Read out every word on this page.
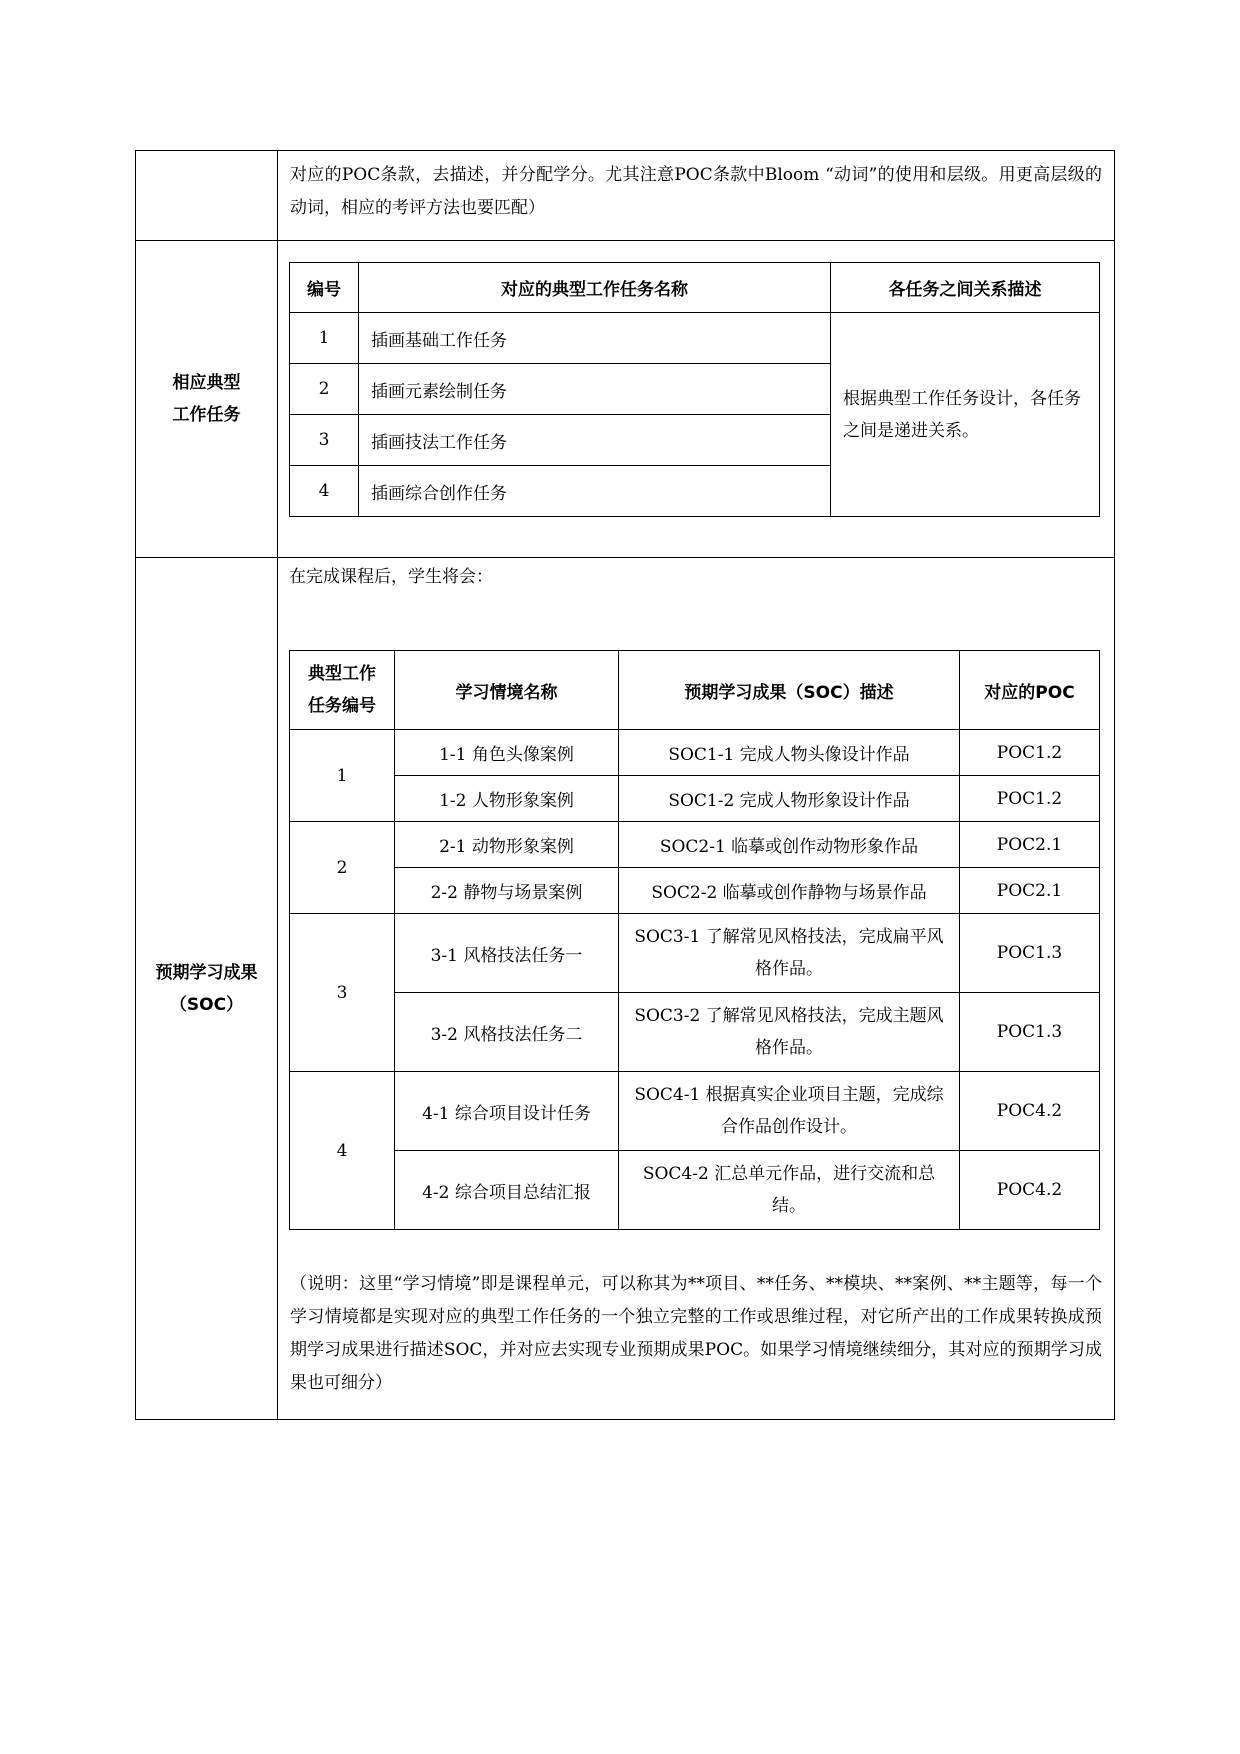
对应的POC条款，去描述，并分配学分。尤其注意POC条款中Bloom “动词”的使用和层级。用更高层级的动词，相应的考评方法也要匹配）

相应典型
工作任务

编号	对应的典型工作任务名称	各任务之间关系描述
1	插画基础工作任务	根据典型工作任务设计，各任务之间是递进关系。
2	插画元素绘制任务
3	插画技法工作任务
4	插画综合创作任务

预期学习成果
（SOC）

在完成课程后，学生将会：
典型工作
任务编号
	学习情境名称	预期学习成果（SOC）描述	对应的POC
1	1-1 角色头像案例	SOC1-1 完成人物头像设计作品	POC1.2
1-2 人物形象案例	SOC1-2 完成人物形象设计作品	POC1.2
2	2-1 动物形象案例	SOC2-1 临摹或创作动物形象作品	POC2.1
2-2 静物与场景案例	SOC2-2 临摹或创作静物与场景作品	POC2.1
3	3-1 风格技法任务一	SOC3-1 了解常见风格技法，完成扁平风格作品。	POC1.3
3-2 风格技法任务二	SOC3-2 了解常见风格技法，完成主题风格作品。	POC1.3
4	4-1 综合项目设计任务	SOC4-1 根据真实企业项目主题，完成综合作品创作设计。	POC4.2
4-2 综合项目总结汇报	SOC4-2 汇总单元作品，进行交流和总结。	POC4.2
（说明：这里“学习情境”即是课程单元，可以称其为**项目、**任务、**模块、**案例、**主题等，每一个学习情境都是实现对应的典型工作任务的一个独立完整的工作或思维过程，对它所产出的工作成果转换成预期学习成果进行描述SOC，并对应去实现专业预期成果POC。如果学习情境继续细分，其对应的预期学习成果也可细分）
